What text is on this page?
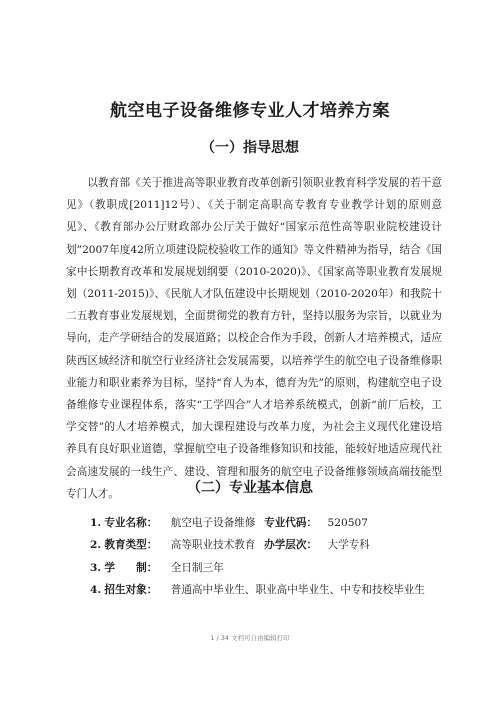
航空电子设备维修专业人才培养方案
（一）指导思想
以教育部《关于推进高等职业教育改革创新引领职业教育科学发展的若干意见》（教职成[2011]12号）、《关于制定高职高专教育专业教学计划的原则意见》、《教育部办公厅财政部办公厅关于做好“国家示范性高等职业院校建设计划”2007年度42所立项建设院校验收工作的通知》等文件精神为指导，结合《国家中长期教育改革和发展规划纲要（2010-2020)》、《国家高等职业教育发展规划（2011-2015)》、《民航人才队伍建设中长期规划（2010-2020年）和我院十二五教育事业发展规划，全面贯彻党的教育方针，坚持以服务为宗旨，以就业为导向，走产学研结合的发展道路；以校企合作为手段，创新人才培养模式，适应陕西区域经济和航空行业经济社会发展需要，以培养学生的航空电子设备维修职业能力和职业素养为目标，坚持“育人为本，德育为先”的原则，构建航空电子设备维修专业课程体系，落实“工学四合”人才培养系统模式，创新“前厂后校，工学交替”的人才培养模式，加大课程建设与改革力度，为社会主义现代化建设培养具有良好职业道德，掌握航空电子设备维修知识和技能，能较好地适应现代社会高速发展的一线生产、建设、管理和服务的航空电子设备维修领域高端技能型专门人才。	（二）专业基本信息
1. 专业名称： 航空电子设备维修 专业代码： 520507
2. 教育类型： 高等职业技术教育 办学层次： 大学专科
3. 学　　制： 全日制三年
4. 招生对象： 普通高中毕业生、职业高中毕业生、中专和技校毕业生
1 / 34 文档可自由编辑打印
